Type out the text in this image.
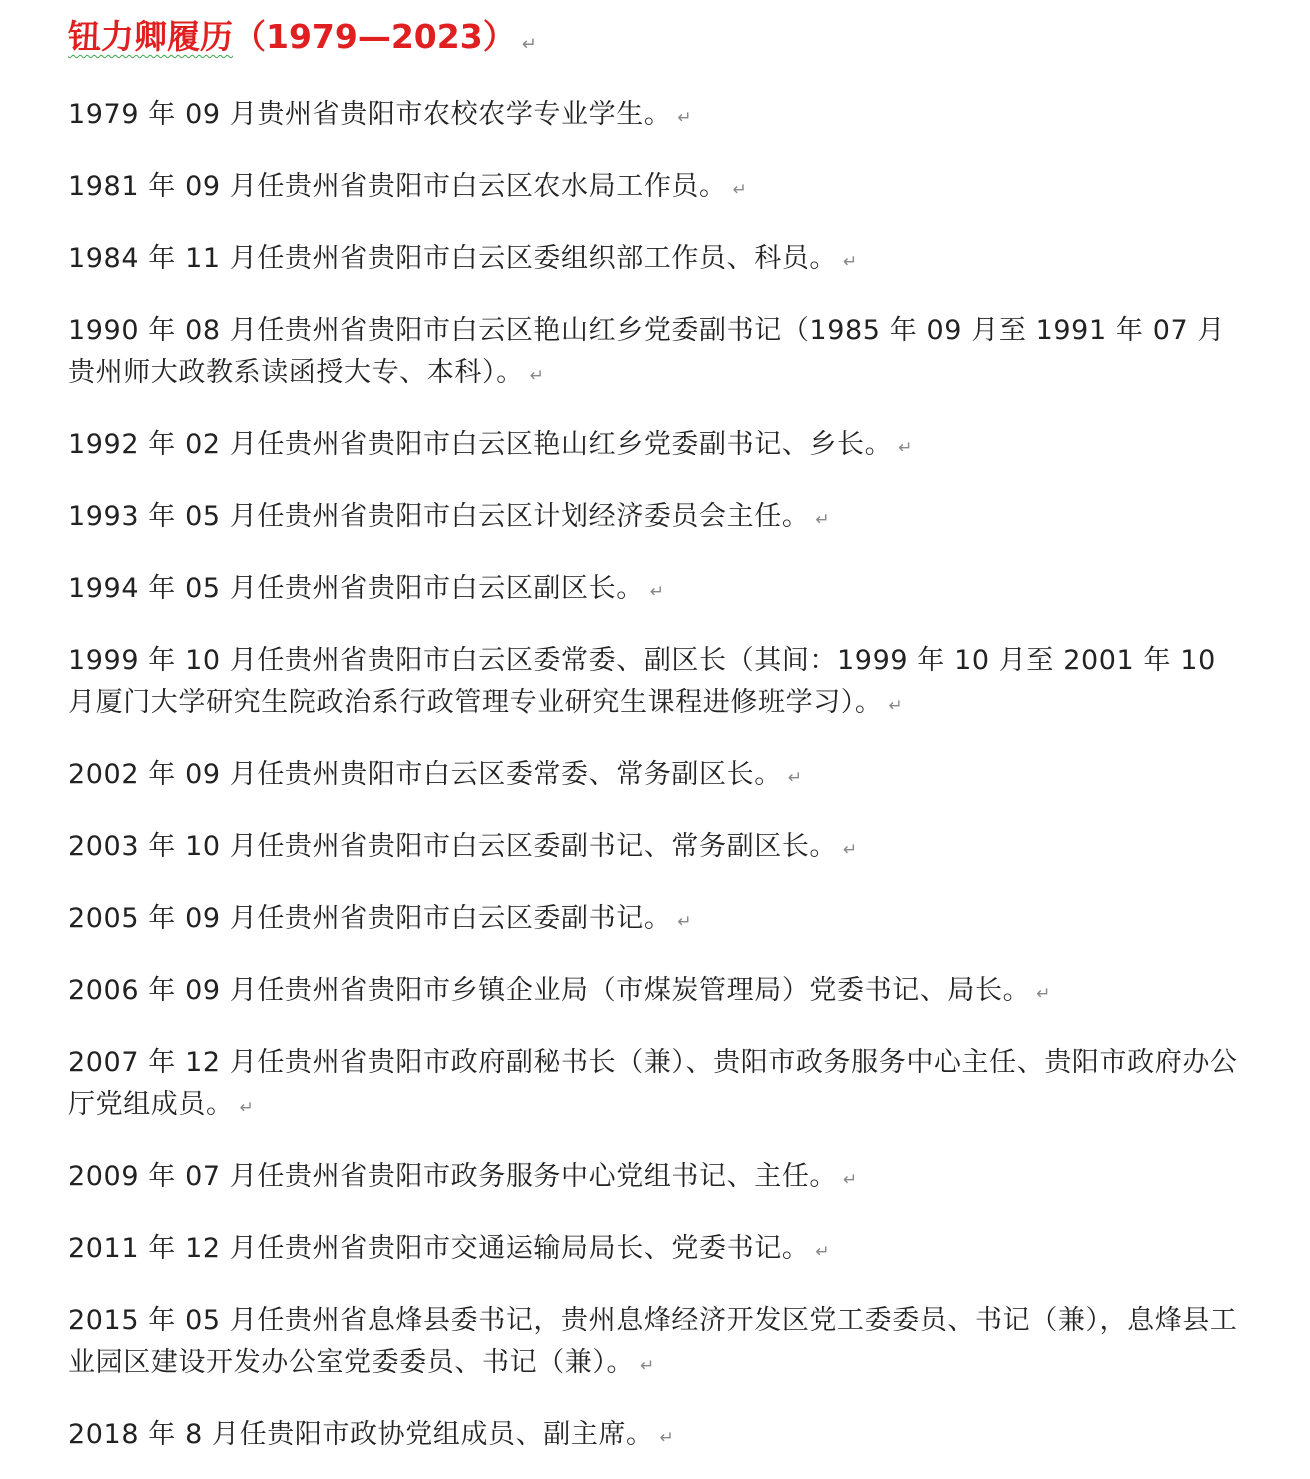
钮力卿履历（1979—2023） ↵

1979 年 09 月贵州省贵阳市农校农学专业学生。 ↵

1981 年 09 月任贵州省贵阳市白云区农水局工作员。 ↵

1984 年 11 月任贵州省贵阳市白云区委组织部工作员、科员。 ↵

1990 年 08 月任贵州省贵阳市白云区艳山红乡党委副书记（1985 年 09 月至 1991 年 07 月贵州师大政教系读函授大专、本科）。 ↵

1992 年 02 月任贵州省贵阳市白云区艳山红乡党委副书记、乡长。 ↵

1993 年 05 月任贵州省贵阳市白云区计划经济委员会主任。 ↵

1994 年 05 月任贵州省贵阳市白云区副区长。 ↵

1999 年 10 月任贵州省贵阳市白云区委常委、副区长（其间：1999 年 10 月至 2001 年 10 月厦门大学研究生院政治系行政管理专业研究生课程进修班学习）。 ↵

2002 年 09 月任贵州贵阳市白云区委常委、常务副区长。 ↵

2003 年 10 月任贵州省贵阳市白云区委副书记、常务副区长。 ↵

2005 年 09 月任贵州省贵阳市白云区委副书记。 ↵

2006 年 09 月任贵州省贵阳市乡镇企业局（市煤炭管理局）党委书记、局长。 ↵

2007 年 12 月任贵州省贵阳市政府副秘书长（兼）、贵阳市政务服务中心主任、贵阳市政府办公厅党组成员。 ↵

2009 年 07 月任贵州省贵阳市政务服务中心党组书记、主任。 ↵

2011 年 12 月任贵州省贵阳市交通运输局局长、党委书记。 ↵

2015 年 05 月任贵州省息烽县委书记，贵州息烽经济开发区党工委委员、书记（兼），息烽县工业园区建设开发办公室党委委员、书记（兼）。 ↵

2018 年 8 月任贵阳市政协党组成员、副主席。 ↵
